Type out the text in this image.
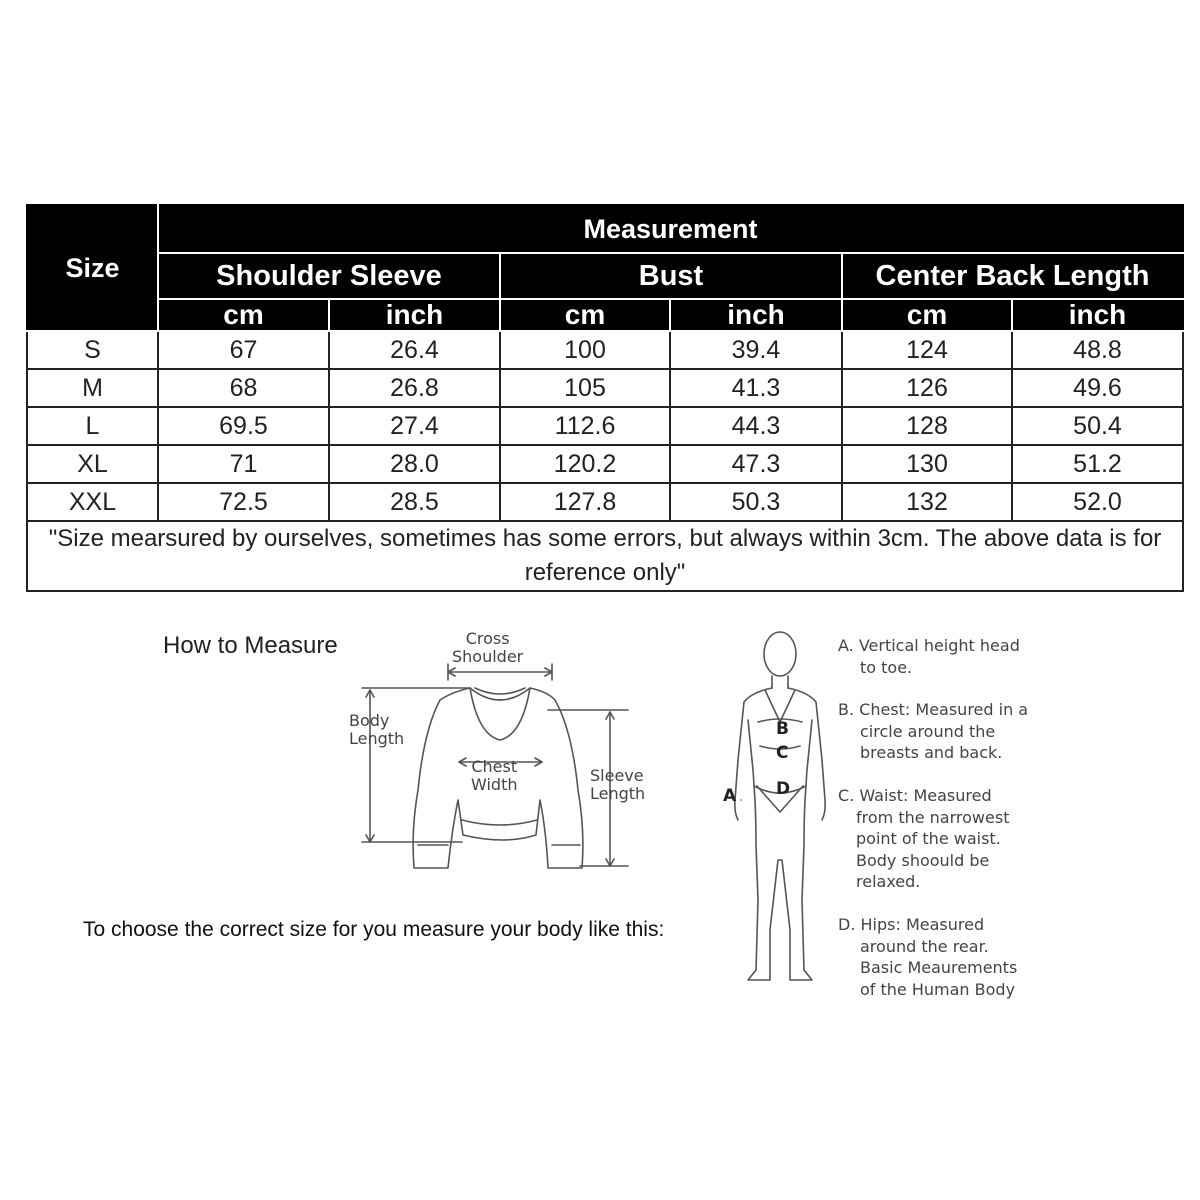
Size	Measurement					
	Shoulder Sleeve		Bust		Center Back Length	
	cm	inch	cm	inch	cm	inch
S	67	26.4	100	39.4	124	48.8
M	68	26.8	105	41.3	126	49.6
L	69.5	27.4	112.6	44.3	128	50.4
XL	71	28.0	120.2	47.3	130	51.2
XXL	72.5	28.5	127.8	50.3	132	52.0
"Size mearsured by ourselves, sometimes has some errors, but always within 3cm. The above data is for reference only"						
How to Measure	Cross
Shoulder
Body
Length
Chest
Width	Sleeve
Length
To choose the correct size for you measure your body like this:
B
C
D
A
A. Vertical height head
to toe.
B. Chest: Measured in a
circle around the
breasts and back.
C. Waist: Measured
from the narrowest
point of the waist.
Body shoould be
relaxed.
D. Hips: Measured
around the rear.
Basic Meaurements
of the Human Body
